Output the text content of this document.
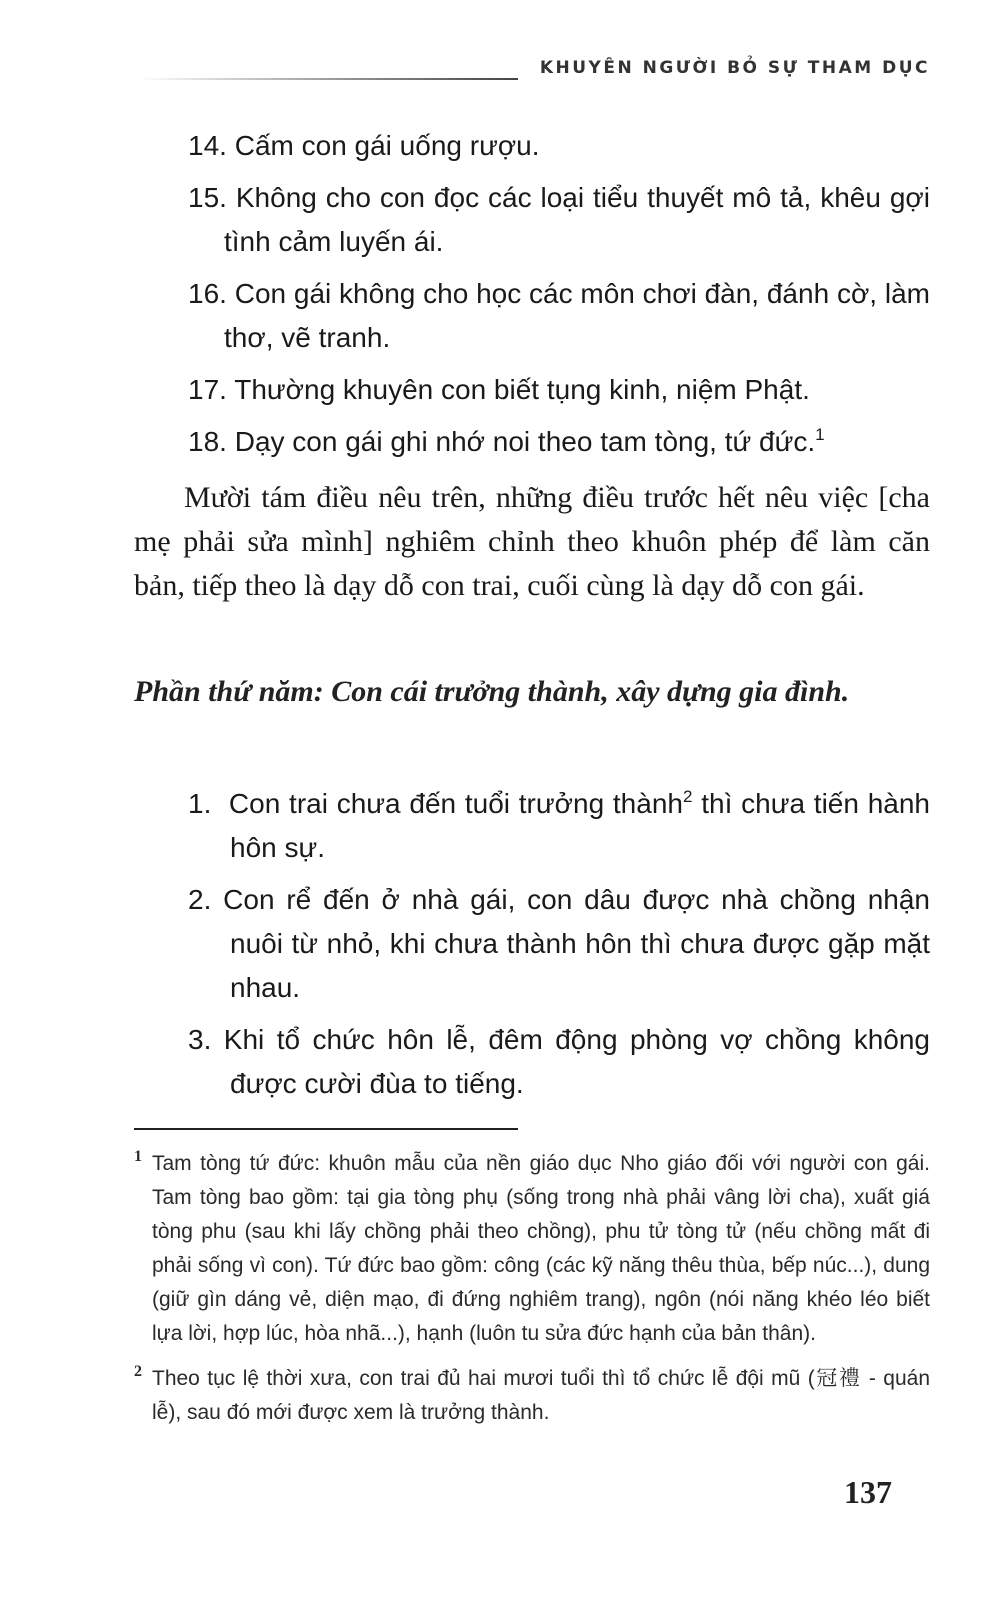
KHUYÊN NGƯỜI BỎ SỰ THAM DỤC
14. Cấm con gái uống rượu.
15. Không cho con đọc các loại tiểu thuyết mô tả, khêu gợi tình cảm luyến ái.
16. Con gái không cho học các môn chơi đàn, đánh cờ, làm thơ, vẽ tranh.
17. Thường khuyên con biết tụng kinh, niệm Phật.
18. Dạy con gái ghi nhớ noi theo tam tòng, tứ đức.$^1$

Mười tám điều nêu trên, những điều trước hết nêu việc [cha mẹ phải sửa mình] nghiêm chỉnh theo khuôn phép để làm căn bản, tiếp theo là dạy dỗ con trai, cuối cùng là dạy dỗ con gái.

Phần thứ năm: Con cái trưởng thành, xây dựng gia đình.

1. Con trai chưa đến tuổi trưởng thành$^2$ thì chưa tiến hành hôn sự.
2. Con rể đến ở nhà gái, con dâu được nhà chồng nhận nuôi từ nhỏ, khi chưa thành hôn thì chưa được gặp mặt nhau.
3. Khi tổ chức hôn lễ, đêm động phòng vợ chồng không được cười đùa to tiếng.
1 Tam tòng tứ đức: khuôn mẫu của nền giáo dục Nho giáo đối với người con gái. Tam tòng bao gồm: tại gia tòng phụ (sống trong nhà phải vâng lời cha), xuất giá tòng phu (sau khi lấy chồng phải theo chồng), phu tử tòng tử (nếu chồng mất đi phải sống vì con). Tứ đức bao gồm: công (các kỹ năng thêu thùa, bếp núc...), dung (giữ gìn dáng vẻ, diện mạo, đi đứng nghiêm trang), ngôn (nói năng khéo léo biết lựa lời, hợp lúc, hòa nhã...), hạnh (luôn tu sửa đức hạnh của bản thân).
2 Theo tục lệ thời xưa, con trai đủ hai mươi tuổi thì tổ chức lễ đội mũ (冠禮 - quán lễ), sau đó mới được xem là trưởng thành.
137
